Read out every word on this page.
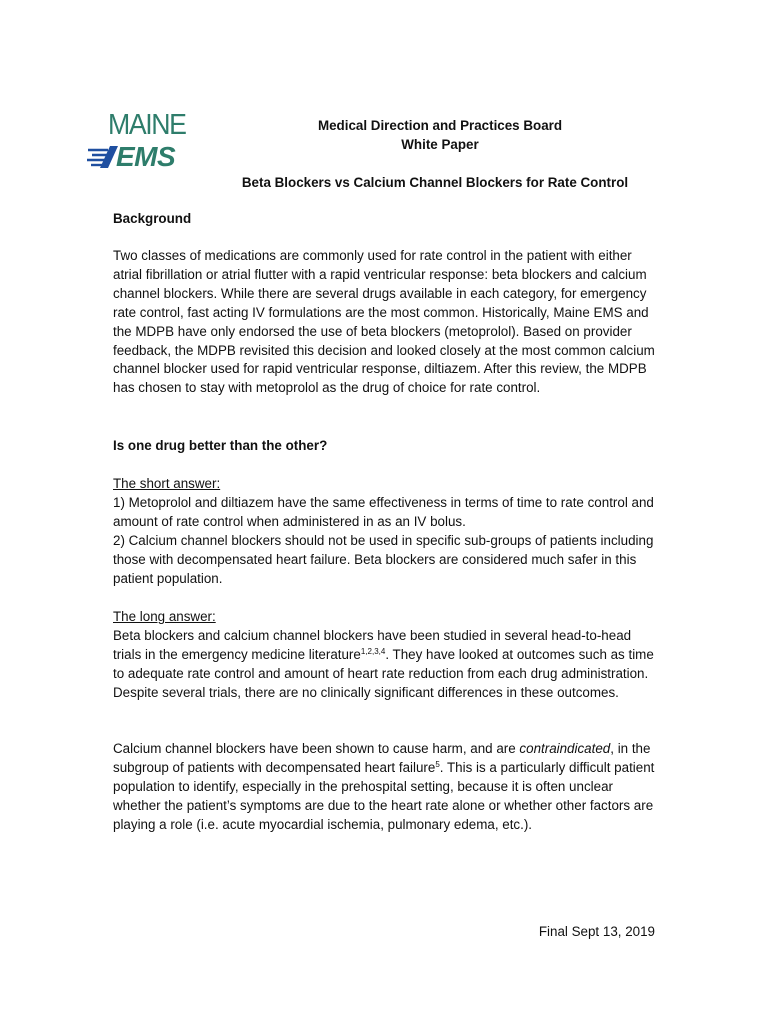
MAINE
EMS
Medical Direction and Practices Board
White Paper
Beta Blockers vs Calcium Channel Blockers for Rate Control

Background

Two classes of medications are commonly used for rate control in the patient with either atrial fibrillation or atrial flutter with a rapid ventricular response: beta blockers and calcium channel blockers. While there are several drugs available in each category, for emergency rate control, fast acting IV formulations are the most common. Historically, Maine EMS and the MDPB have only endorsed the use of beta blockers (metoprolol). Based on provider feedback, the MDPB revisited this decision and looked closely at the most common calcium channel blocker used for rapid ventricular response, diltiazem. After this review, the MDPB has chosen to stay with metoprolol as the drug of choice for rate control.

Is one drug better than the other?

The short answer:

1) Metoprolol and diltiazem have the same effectiveness in terms of time to rate control and amount of rate control when administered in as an IV bolus.

2) Calcium channel blockers should not be used in specific sub-groups of patients including those with decompensated heart failure. Beta blockers are considered much safer in this patient population.

The long answer:

Beta blockers and calcium channel blockers have been studied in several head-to-head trials in the emergency medicine literature$^{1,2,3,4}$. They have looked at outcomes such as time to adequate rate control and amount of heart rate reduction from each drug administration. Despite several trials, there are no clinically significant differences in these outcomes.

Calcium channel blockers have been shown to cause harm, and are contraindicated, in the subgroup of patients with decompensated heart failure$^5$. This is a particularly difficult patient population to identify, especially in the prehospital setting, because it is often unclear whether the patient’s symptoms are due to the heart rate alone or whether other factors are playing a role (i.e. acute myocardial ischemia, pulmonary edema, etc.).

Final Sept 13, 2019
